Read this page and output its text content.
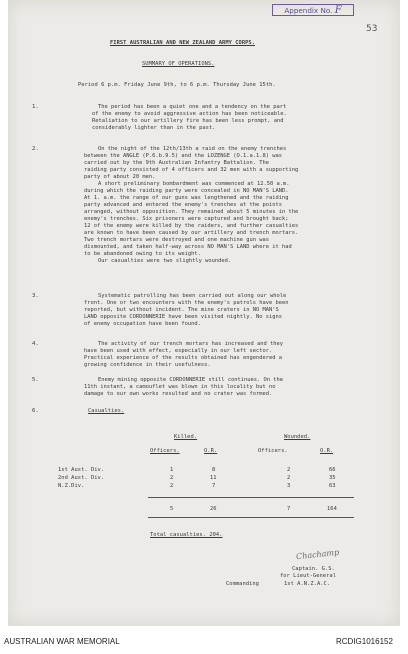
Appendix No. F
53
FIRST AUSTRALIAN AND NEW ZEALAND ARMY CORPS.
SUMMARY OF OPERATIONS.
Period 6 p.m. Friday June 9th, to 6 p.m. Thursday June 15th.
1.	The period has been a quiet one and a tendency on the part
of the enemy to avoid aggressive action has been noticeable.
Retaliation to our artillery fire has been less prompt, and
considerably lighter than in the past.
2.	On the night of the 12th/13th a raid on the enemy trenches
between the ANGLE (P.6.b.9.5) and the LOZENGE (O.1.a.1.8) was
carried out by the 9th Australian Infantry Battalion. The
raiding party consisted of 4 officers and 32 men with a supporting
party of about 20 men.
A short preliminary bombardment was commenced at 12.50 a.m.
during which the raiding party were concealed in NO MAN'S LAND.
At 1. a.m. the range of our guns was lengthened and the raiding
party advanced and entered the enemy's trenches at the points
arranged, without opposition. They remained about 5 minutes in the
enemy's trenches. Six prisoners were captured and brought back;
12 of the enemy were killed by the raiders, and further casualties
are known to have been caused by our artillery and trench mortars.
Two trench mortars were destroyed and one machine gun was
dismounted, and taken half-way across NO MAN'S LAND where it had
to be abandoned owing to its weight.
Our casualties were two slightly wounded.
3.	Systematic patrolling has been carried out along our whole
front. One or two encounters with the enemy's patrols have been
reported, but without incident. The mine craters in NO MAN'S
LAND opposite CORDONNERIE have been visited nightly. No signs
of enemy occupation have been found.
4.	The activity of our trench mortars has increased and they
have been used with effect, especially in our left sector.
Practical experience of the results obtained has engendered a
growing confidence in their usefulness.
5.	Enemy mining opposite CORDONNERIE still continues. On the
11th instant, a camouflet was blown in this locality but no
damage to our own works resulted and no crater was formed.
6.	Casualties.
Killed.	Wounded.
Officers.	O.R.	Officers.	O.R.
1st Aust. Div.	1	8	2	66
2nd Aust. Div.	2	11	2	35
N.Z.Div.	2	7	3	63
5	26	7	164
Total casualties. 204.
Chachamp
Captain. G.S.
for Lieut-General
Commanding	1st A.N.Z.A.C.
AUSTRALIAN WAR MEMORIAL	RCDIG1016152
